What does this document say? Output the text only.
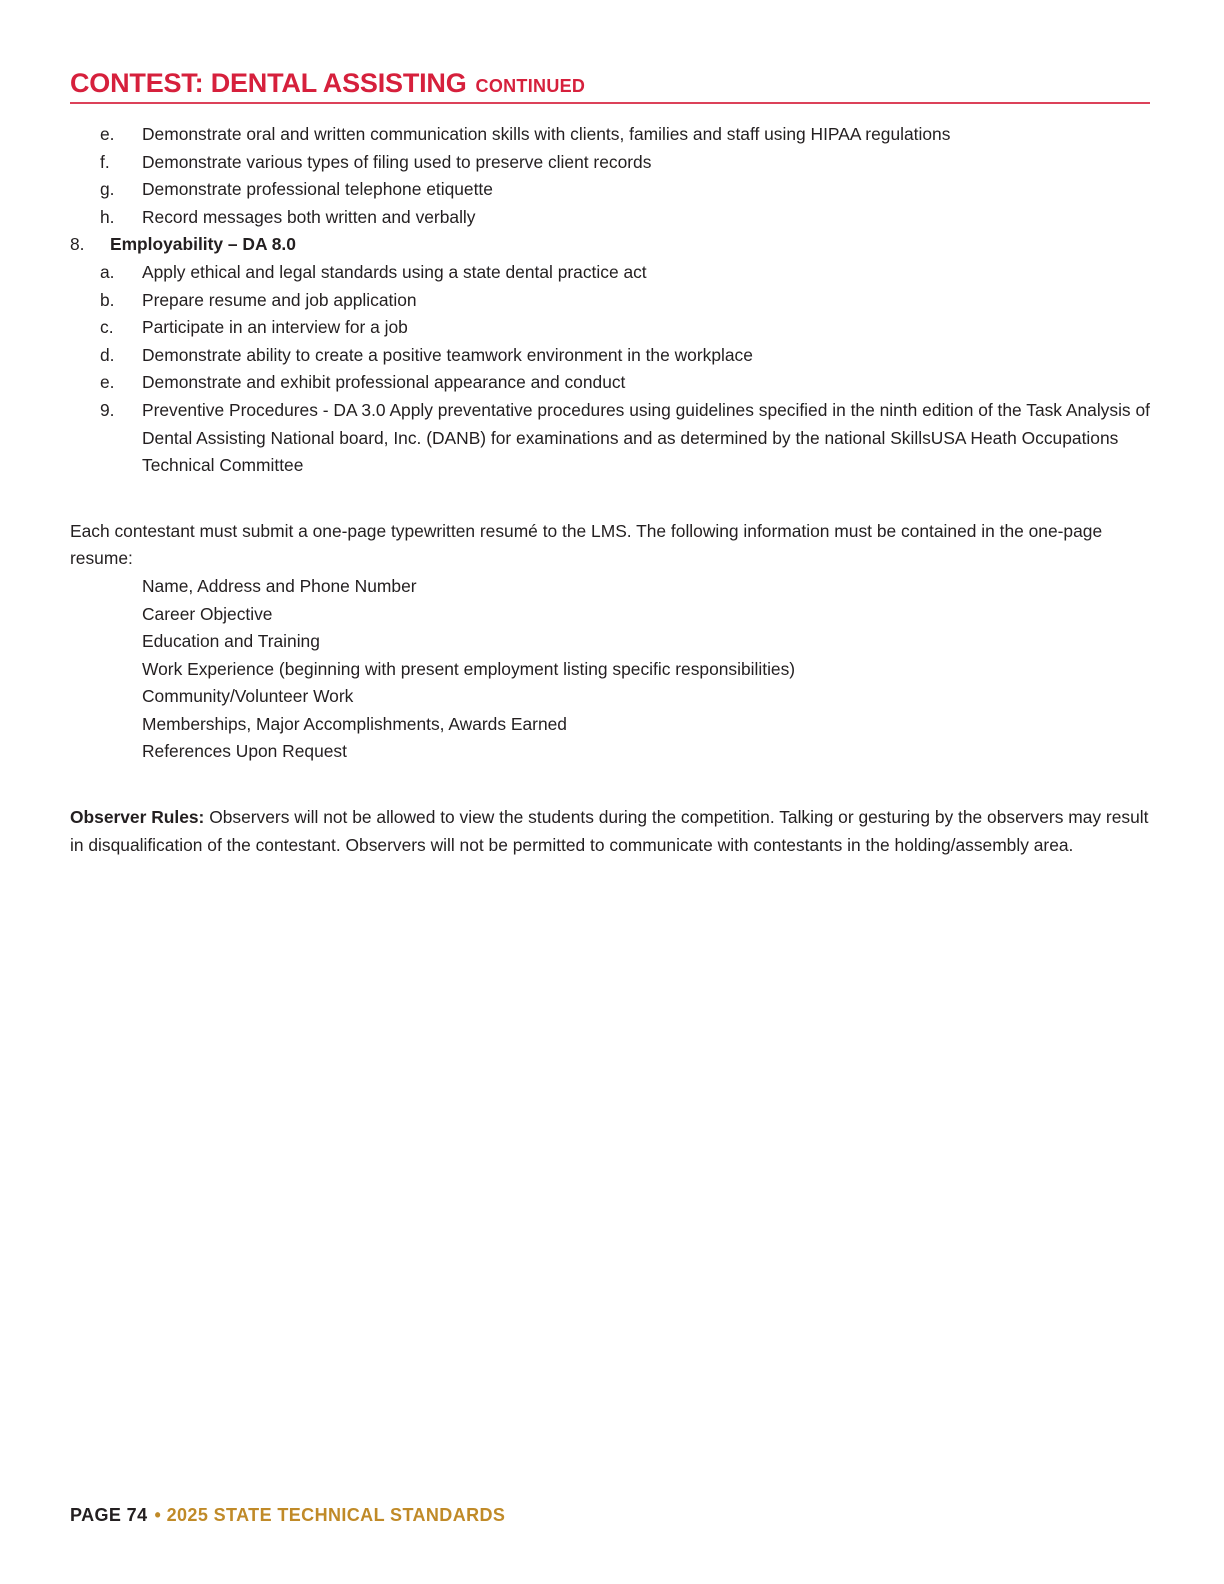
CONTEST: DENTAL ASSISTING CONTINUED
e.	Demonstrate oral and written communication skills with clients, families and staff using HIPAA regulations
f.	Demonstrate various types of filing used to preserve client records
g.	Demonstrate professional telephone etiquette
h.	Record messages both written and verbally
8.	Employability – DA 8.0
a.	Apply ethical and legal standards using a state dental practice act
b.	Prepare resume and job application
c.	Participate in an interview for a job
d.	Demonstrate ability to create a positive teamwork environment in the workplace
e.	Demonstrate and exhibit professional appearance and conduct
9.	Preventive Procedures - DA 3.0 Apply preventative procedures using guidelines specified in the ninth edition of the Task Analysis of Dental Assisting National board, Inc. (DANB) for examinations and as determined by the national SkillsUSA Heath Occupations Technical Committee
Each contestant must submit a one-page typewritten resumé to the LMS. The following information must be contained in the one-page resume:
Name, Address and Phone Number
Career Objective
Education and Training
Work Experience (beginning with present employment listing specific responsibilities)
Community/Volunteer Work
Memberships, Major Accomplishments, Awards Earned
References Upon Request
Observer Rules: Observers will not be allowed to view the students during the competition. Talking or gesturing by the observers may result in disqualification of the contestant. Observers will not be permitted to communicate with contestants in the holding/assembly area.
PAGE 74 • 2025 STATE TECHNICAL STANDARDS
